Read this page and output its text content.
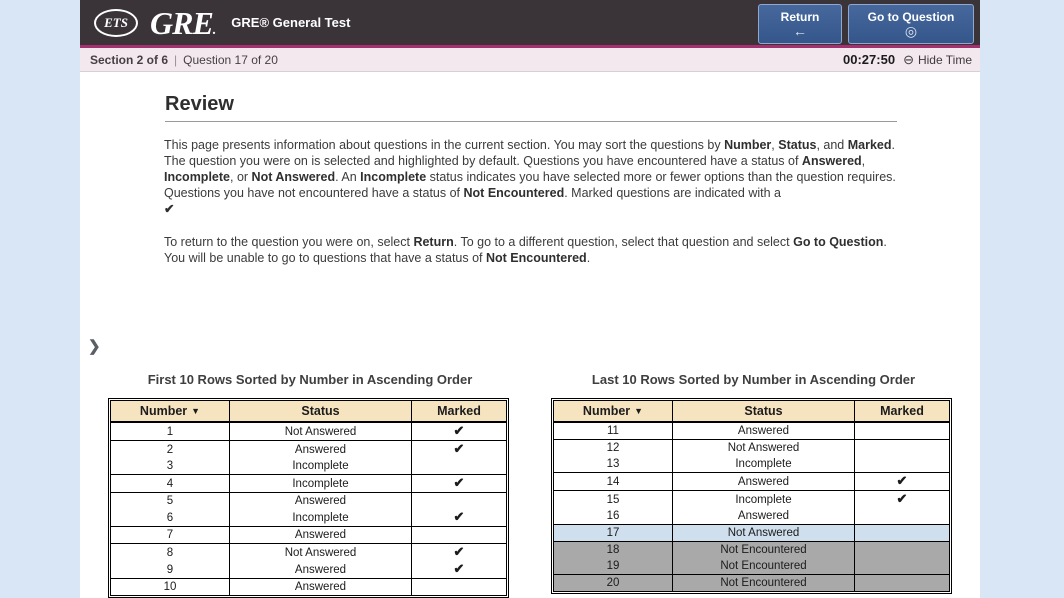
ETS GRE. GRE® General Test	Return
←
Go to Question
◎
Section 2 of 6 | Question 17 of 20	00:27:50 ⊖ Hide Time
❯
Review
This page presents information about questions in the current section. You may sort the questions by Number, Status, and Marked. The question you were on is selected and highlighted by default. Questions you have encountered have a status of Answered, Incomplete, or Not Answered. An Incomplete status indicates you have selected more or fewer options than the question requires. Questions you have not encountered have a status of Not Encountered. Marked questions are indicated with a
✔
To return to the question you were on, select Return. To go to a different question, select that question and select Go to Question. You will be unable to go to questions that have a status of Not Encountered.
First 10 Rows Sorted by Number in Ascending Order	Last 10 Rows Sorted by Number in Ascending Order
Number ▼	Status	Marked
1	Not Answered	✔
2	Answered	✔
3	Incomplete	
4	Incomplete	✔
5	Answered	
6	Incomplete	✔
7	Answered	
8	Not Answered	✔
9	Answered	✔
10	Answered	
Number ▼	Status	Marked
11	Answered	
12	Not Answered	
13	Incomplete	
14	Answered	✔
15	Incomplete	✔
16	Answered	
17	Not Answered	
18	Not Encountered	
19	Not Encountered	
20	Not Encountered	
